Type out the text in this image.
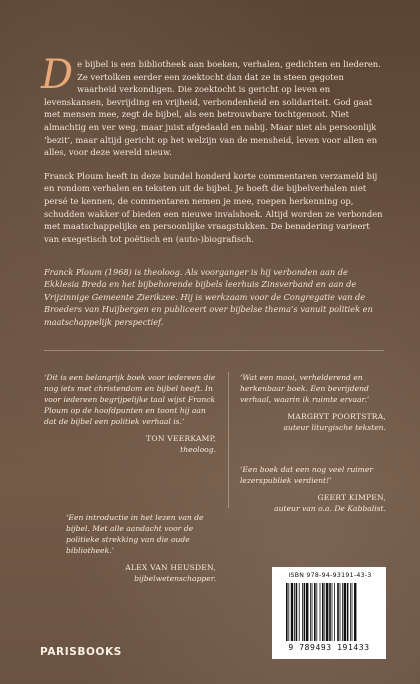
De bijbel is een bibliotheek aan boeken, verhalen, gedichten en liederen. Ze vertolken eerder een zoektocht dan dat ze in steen gegoten waarheid verkondigen. Die zoektocht is gericht op leven en levenskansen, bevrijding en vrijheid, verbondenheid en solidariteit. God gaat met mensen mee, zegt de bijbel, als een betrouwbare tochtgenoot. Niet almachtig en ver weg, maar juist afgedaald en nabij. Maar niet als persoonlijk ‘bezit’, maar altijd gericht op het welzijn van de mensheid, leven voor allen en alles, voor deze wereld nieuw.

Franck Ploum heeft in deze bundel honderd korte commentaren verzameld bij en rondom verhalen en teksten uit de bijbel. Je hoeft die bijbelverhalen niet persé te kennen, de commentaren nemen je mee, roepen herkenning op, schudden wakker of bieden een nieuwe invalshoek. Altijd worden ze verbonden met maatschappelijke en persoonlijke vraagstukken. De benadering varieert van exegetisch tot poëtisch en (auto-)biografisch.

Franck Ploum (1968) is theoloog. Als voorganger is hij verbonden aan de Ekklesia Breda en het bijbehorende bijbels leerhuis Zinsverband en aan de Vrijzinnige Gemeente Zierikzee. Hij is werkzaam voor de Congregatie van de Broeders van Huijbergen en publiceert over bijbelse thema’s vanuit politiek en maatschappelijk perspectief.
‘Dit is een belangrijk boek voor iedereen die nog iets met christendom en bijbel heeft. In voor iedereen begrijpelijke taal wijst Franck Ploum op de hoofdpunten en toont hij aan dat de bijbel een politiek verhaal is.’
TON VEERKAMP,
theoloog.
‘Wat een mooi, verhelderend en herkenbaar boek. Een bevrijdend verhaal, waarin ik ruimte ervaar.’
MARGRYT POORTSTRA,
auteur liturgische teksten.
‘Een boek dat een nog veel ruimer lezerspubliek verdient!’
GEERT KIMPEN,
auteur van o.a. De Kabbalist.
‘Een introductie in het lezen van de bijbel. Met alle aandacht voor de politieke strekking van die oude bibliotheek.’
ALEX VAN HEUSDEN,
bijbelwetenschapper.	ISBN 978-94-93191-43-3
9 789493 191433
PARISBOOKS
